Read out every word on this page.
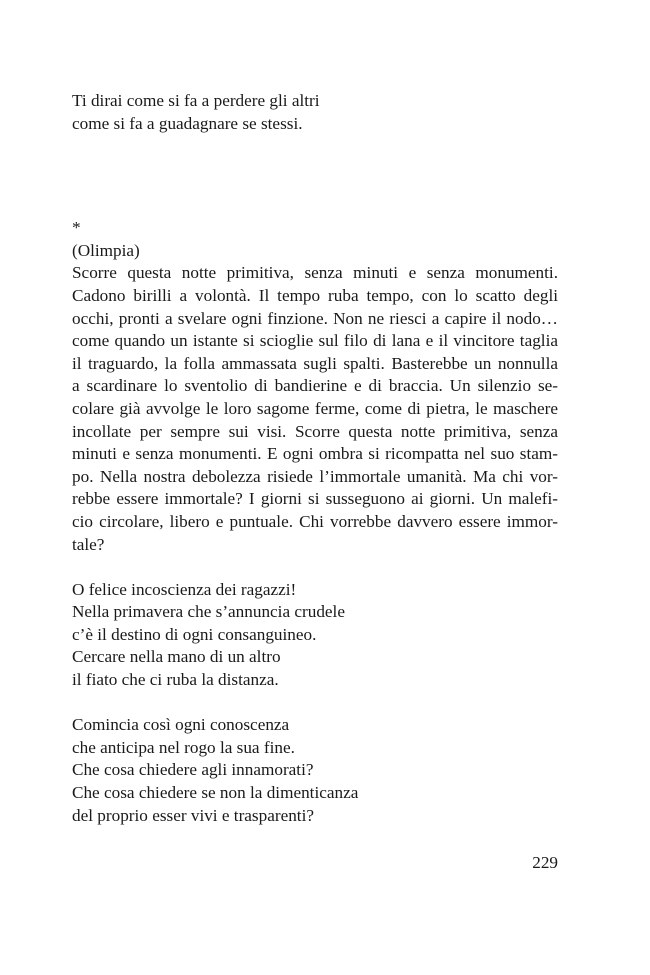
Ti dirai come si fa a perdere gli altri
come si fa a guadagnare se stessi.
*
(Olimpia)
Scorre questa notte primitiva, senza minuti e senza monumenti.
Cadono birilli a volontà. Il tempo ruba tempo, con lo scatto degli
occhi, pronti a svelare ogni finzione. Non ne riesci a capire il nodo…
come quando un istante si scioglie sul filo di lana e il vincitore taglia
il traguardo, la folla ammassata sugli spalti. Basterebbe un nonnulla
a scardinare lo sventolio di bandierine e di braccia. Un silenzio se-
colare già avvolge le loro sagome ferme, come di pietra, le maschere
incollate per sempre sui visi. Scorre questa notte primitiva, senza
minuti e senza monumenti. E ogni ombra si ricompatta nel suo stam-
po. Nella nostra debolezza risiede l’immortale umanità. Ma chi vor-
rebbe essere immortale? I giorni si susseguono ai giorni. Un malefi-
cio circolare, libero e puntuale. Chi vorrebbe davvero essere immor-
tale?
O felice incoscienza dei ragazzi!
Nella primavera che s’annuncia crudele
c’è il destino di ogni consanguineo.
Cercare nella mano di un altro
il fiato che ci ruba la distanza.
Comincia così ogni conoscenza
che anticipa nel rogo la sua fine.
Che cosa chiedere agli innamorati?
Che cosa chiedere se non la dimenticanza
del proprio esser vivi e trasparenti?
229
